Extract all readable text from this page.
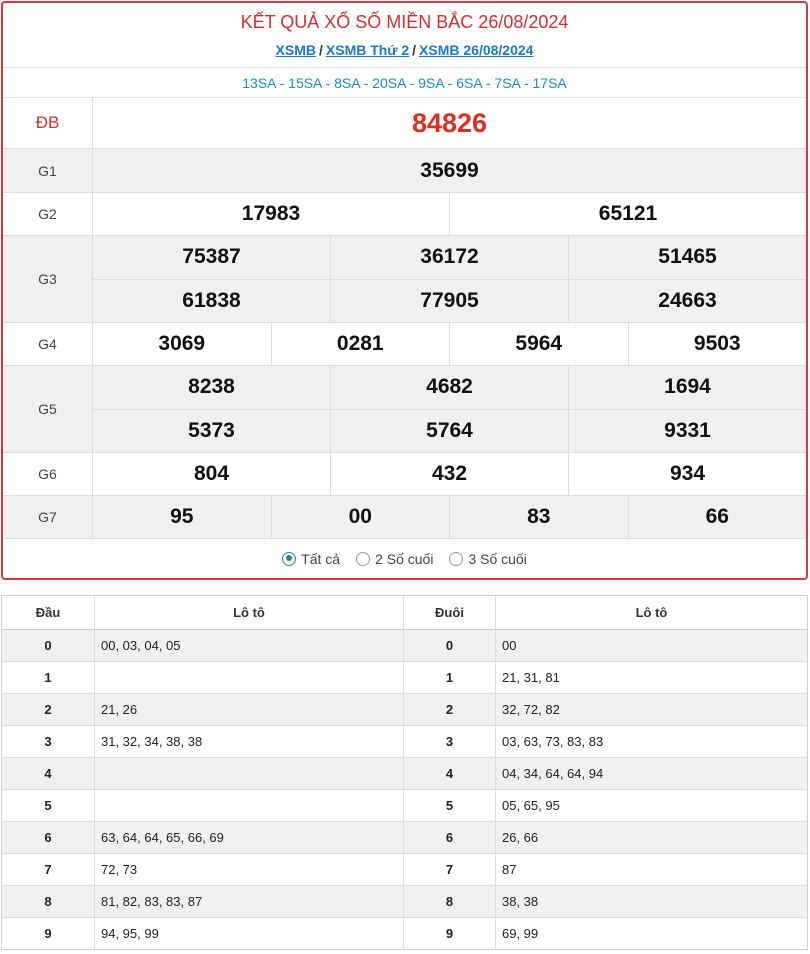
KẾT QUẢ XỔ SỐ MIỀN BẮC 26/08/2024
XSMB / XSMB Thứ 2 / XSMB 26/08/2024
13SA - 15SA - 8SA - 20SA - 9SA - 6SA - 7SA - 17SA
ĐB	84826
G1	35699
G2	17983	65121
G3
75387	36172	51465
61838	77905	24663
G4	3069	0281	5964	9503
G5
8238	4682	1694
5373	5764	9331
G6	804	432	934
G7	95	00	83	66
Tất cả	2 Số cuối	3 Số cuối
Đầu	Lô tô	Đuôi	Lô tô
0	00, 03, 04, 05	0	00
1		1	21, 31, 81
2	21, 26	2	32, 72, 82
3	31, 32, 34, 38, 38	3	03, 63, 73, 83, 83
4		4	04, 34, 64, 64, 94
5		5	05, 65, 95
6	63, 64, 64, 65, 66, 69	6	26, 66
7	72, 73	7	87
8	81, 82, 83, 83, 87	8	38, 38
9	94, 95, 99	9	69, 99
